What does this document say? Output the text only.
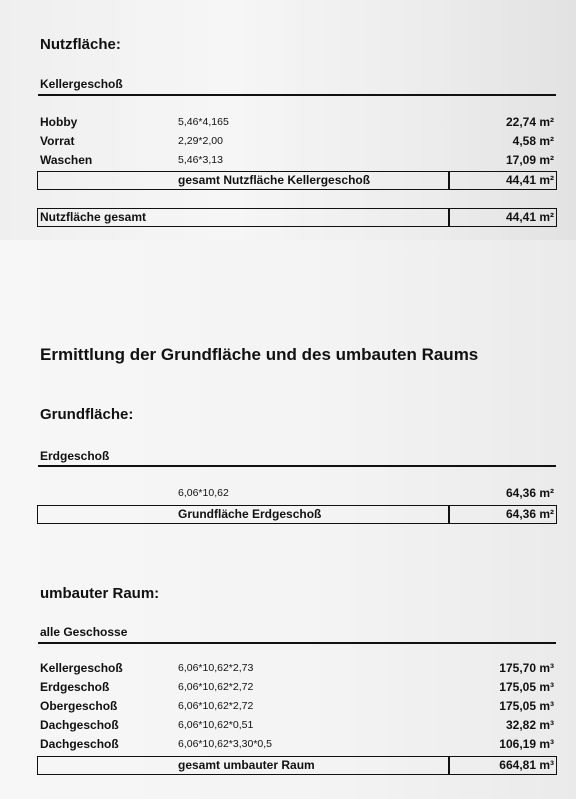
Nutzfläche:
Kellergeschoß
Hobby	5,46*4,165	22,74 m²
Vorrat	2,29*2,00	4,58 m²
Waschen	5,46*3,13	17,09 m²
gesamt Nutzfläche Kellergeschoß	44,41 m²
Nutzfläche gesamt	44,41 m²
Ermittlung der Grundfläche und des umbauten Raums
Grundfläche:
Erdgeschoß
6,06*10,62	64,36 m²
Grundfläche Erdgeschoß	64,36 m²
umbauter Raum:
alle Geschosse
Kellergeschoß	6,06*10,62*2,73	175,70 m³
Erdgeschoß	6,06*10,62*2,72	175,05 m³
Obergeschoß	6,06*10,62*2,72	175,05 m³
Dachgeschoß	6,06*10,62*0,51	32,82 m³
Dachgeschoß	6,06*10,62*3,30*0,5	106,19 m³
gesamt umbauter Raum	664,81 m³
